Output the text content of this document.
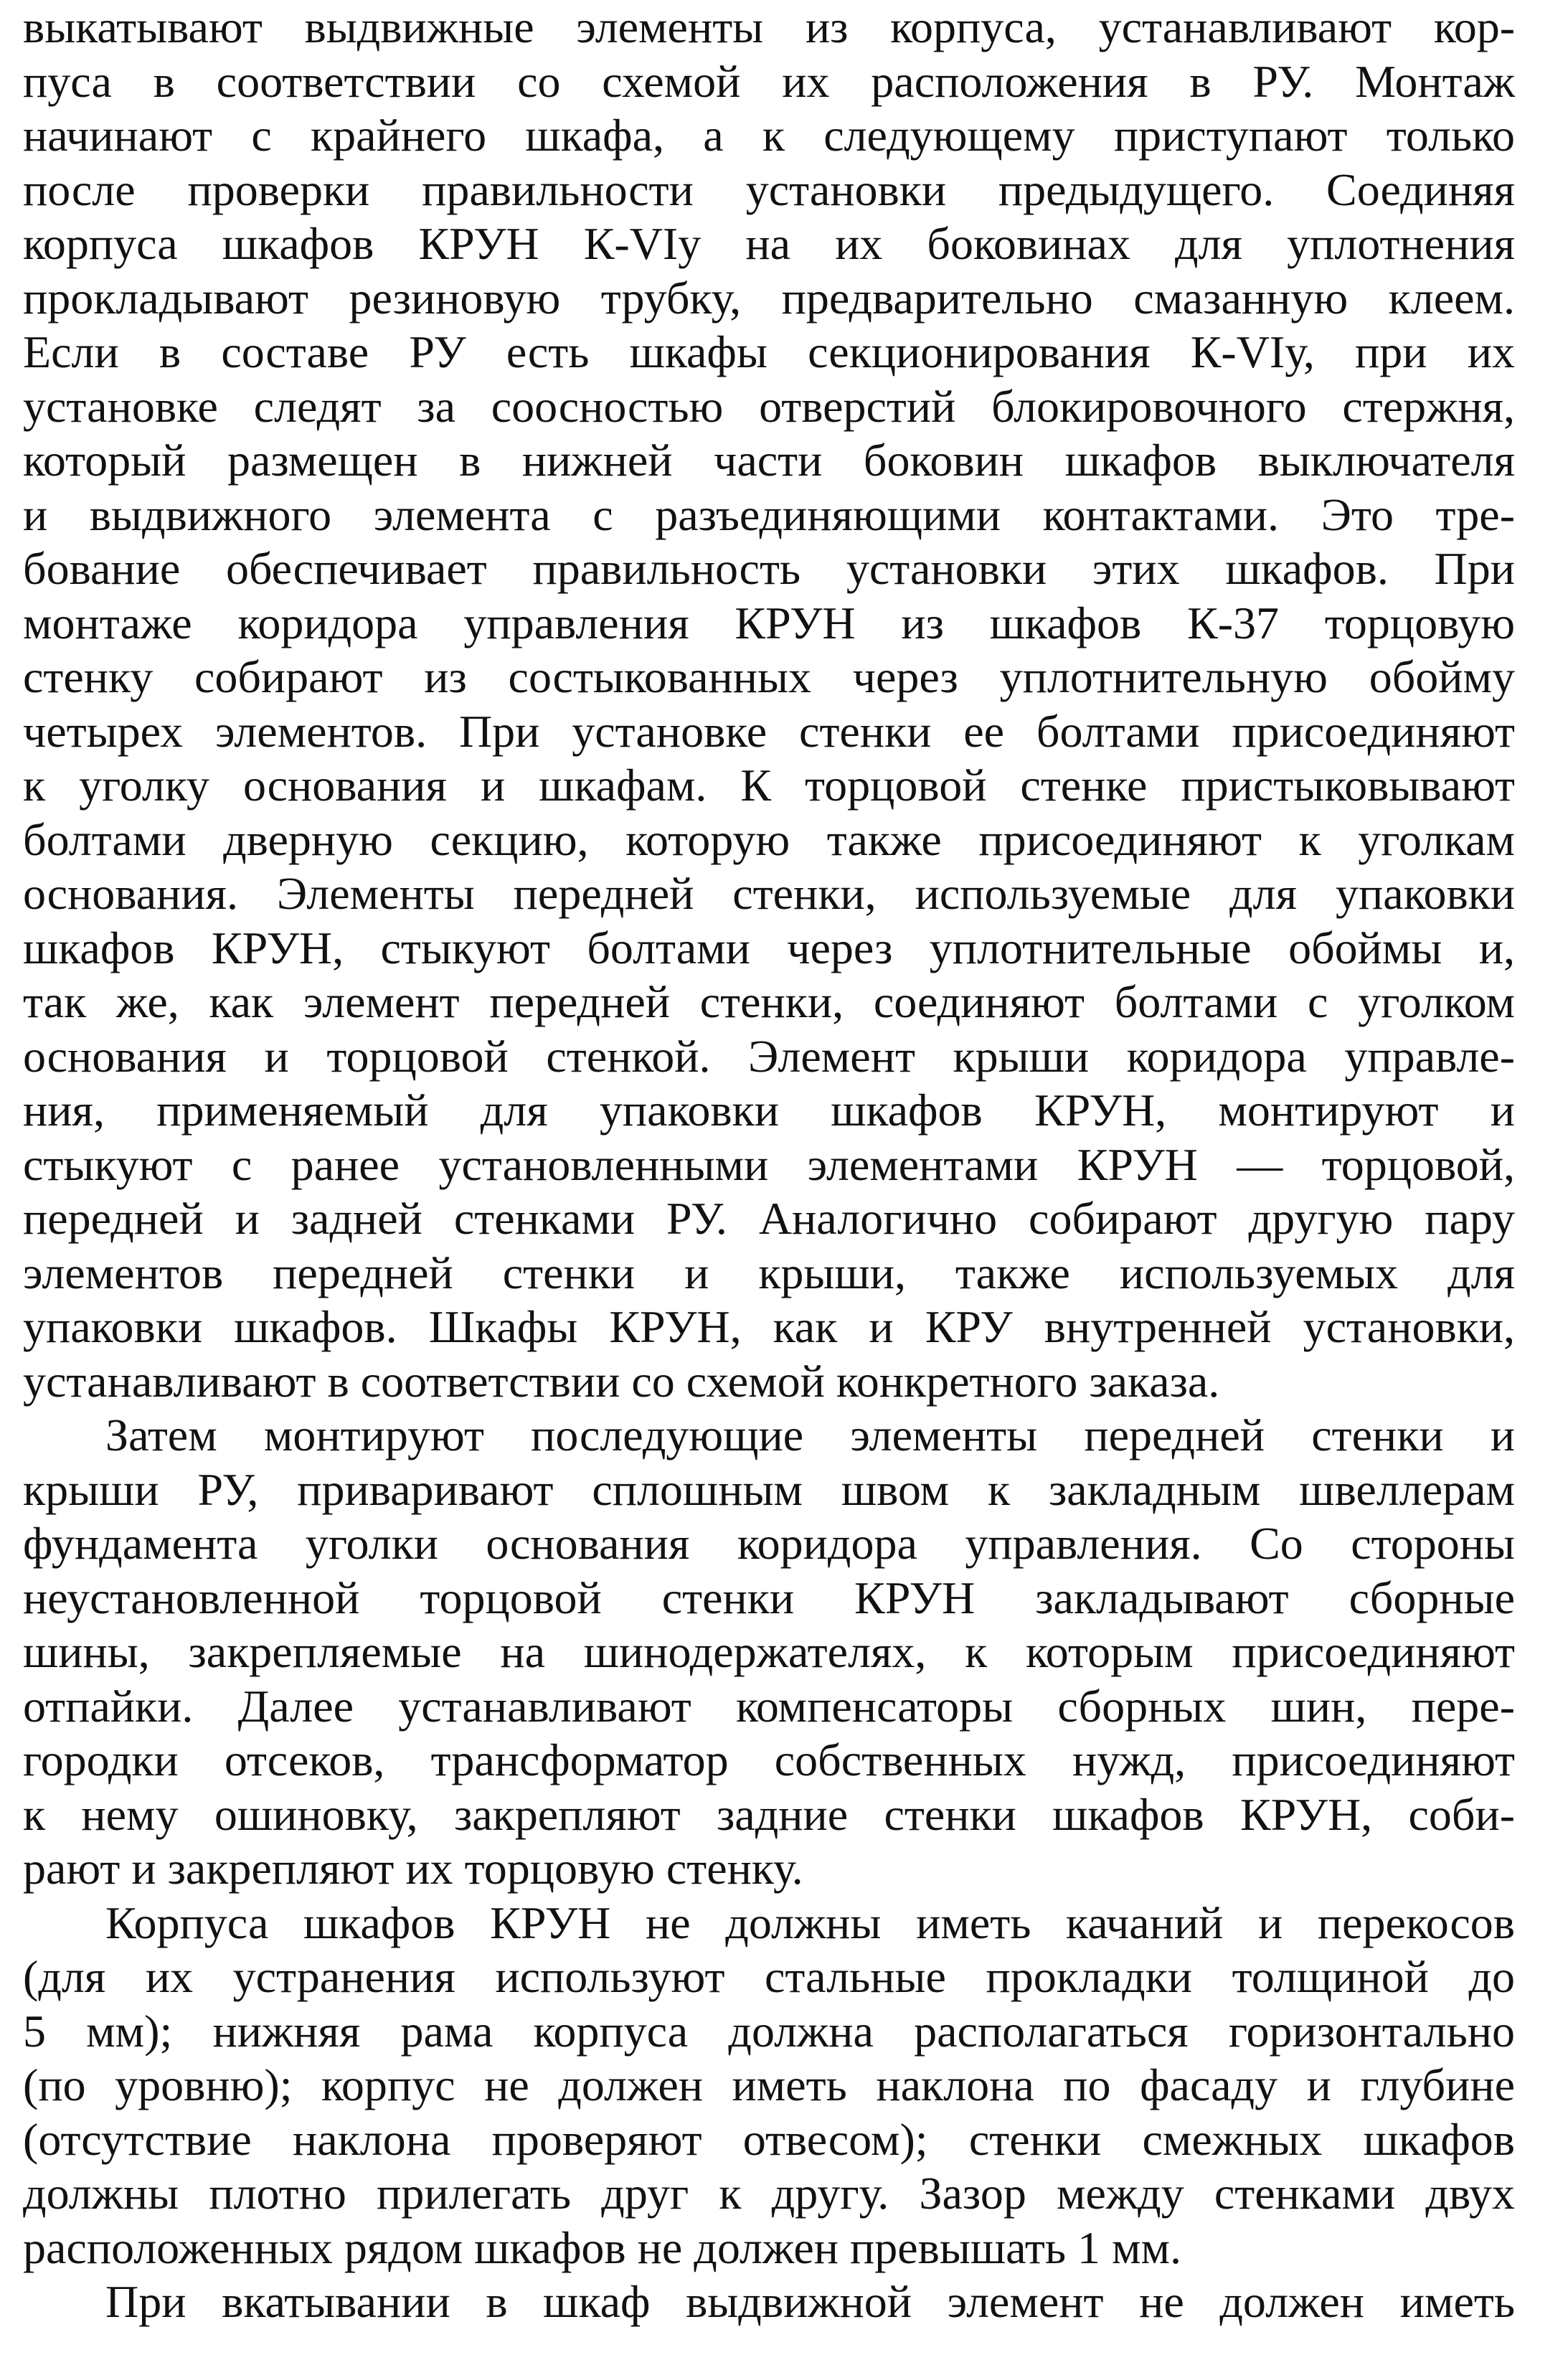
выкатывают выдвижные элементы из корпуса, устанавливают кор-
пуса в соответствии со схемой их расположения в РУ. Монтаж
начинают с крайнего шкафа, а к следующему приступают только
после проверки правильности установки предыдущего. Соединяя
корпуса шкафов КРУН К-VIу на их боковинах для уплотнения
прокладывают резиновую трубку, предварительно смазанную клеем.
Если в составе РУ есть шкафы секционирования К-VIу, при их
установке следят за соосностью отверстий блокировочного стержня,
который размещен в нижней части боковин шкафов выключателя
и выдвижного элемента с разъединяющими контактами. Это тре-
бование обеспечивает правильность установки этих шкафов. При
монтаже коридора управления КРУН из шкафов К-37 торцовую
стенку собирают из состыкованных через уплотнительную обойму
четырех элементов. При установке стенки ее болтами присоединяют
к уголку основания и шкафам. К торцовой стенке пристыковывают
болтами дверную секцию, которую также присоединяют к уголкам
основания. Элементы передней стенки, используемые для упаковки
шкафов КРУН, стыкуют болтами через уплотнительные обоймы и,
так же, как элемент передней стенки, соединяют болтами с уголком
основания и торцовой стенкой. Элемент крыши коридора управле-
ния, применяемый для упаковки шкафов КРУН, монтируют и
стыкуют с ранее установленными элементами КРУН — торцовой,
передней и задней стенками РУ. Аналогично собирают другую пару
элементов передней стенки и крыши, также используемых для
упаковки шкафов. Шкафы КРУН, как и КРУ внутренней установки,
устанавливают в соответствии со схемой конкретного заказа.
Затем монтируют последующие элементы передней стенки и
крыши РУ, приваривают сплошным швом к закладным швеллерам
фундамента уголки основания коридора управления. Со стороны
неустановленной торцовой стенки КРУН закладывают сборные
шины, закрепляемые на шинодержателях, к которым присоединяют
отпайки. Далее устанавливают компенсаторы сборных шин, пере-
городки отсеков, трансформатор собственных нужд, присоединяют
к нему ошиновку, закрепляют задние стенки шкафов КРУН, соби-
рают и закрепляют их торцовую стенку.
Корпуса шкафов КРУН не должны иметь качаний и перекосов
(для их устранения используют стальные прокладки толщиной до
5 мм); нижняя рама корпуса должна располагаться горизонтально
(по уровню); корпус не должен иметь наклона по фасаду и глубине
(отсутствие наклона проверяют отвесом); стенки смежных шкафов
должны плотно прилегать друг к другу. Зазор между стенками двух
расположенных рядом шкафов не должен превышать 1 мм.
При вкатывании в шкаф выдвижной элемент не должен иметь
